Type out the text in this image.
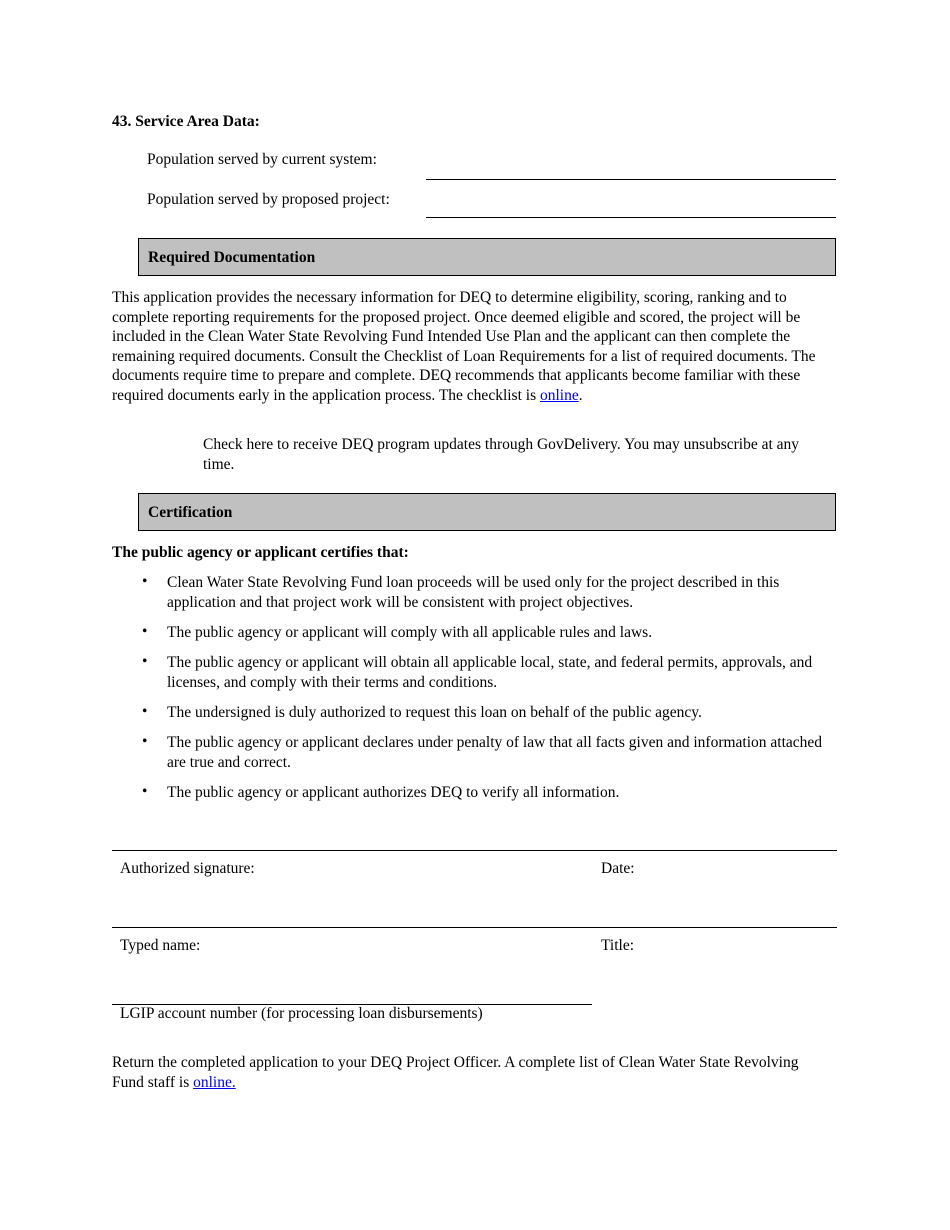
43. Service Area Data:
Population served by current system:
Population served by proposed project:
Required Documentation
This application provides the necessary information for DEQ to determine eligibility, scoring, ranking and to complete reporting requirements for the proposed project. Once deemed eligible and scored, the project will be included in the Clean Water State Revolving Fund Intended Use Plan and the applicant can then complete the remaining required documents. Consult the Checklist of Loan Requirements for a list of required documents. The documents require time to prepare and complete. DEQ recommends that applicants become familiar with these required documents early in the application process. The checklist is online.
Check here to receive DEQ program updates through GovDelivery. You may unsubscribe at any time.
Certification
The public agency or applicant certifies that:
• Clean Water State Revolving Fund loan proceeds will be used only for the project described in this application and that project work will be consistent with project objectives.
• The public agency or applicant will comply with all applicable rules and laws.
• The public agency or applicant will obtain all applicable local, state, and federal permits, approvals, and licenses, and comply with their terms and conditions.
• The undersigned is duly authorized to request this loan on behalf of the public agency.
• The public agency or applicant declares under penalty of law that all facts given and information attached are true and correct.
• The public agency or applicant authorizes DEQ to verify all information.
Authorized signature:	Date:
Typed name:	Title:
LGIP account number (for processing loan disbursements)
Return the completed application to your DEQ Project Officer. A complete list of Clean Water State Revolving Fund staff is online.
